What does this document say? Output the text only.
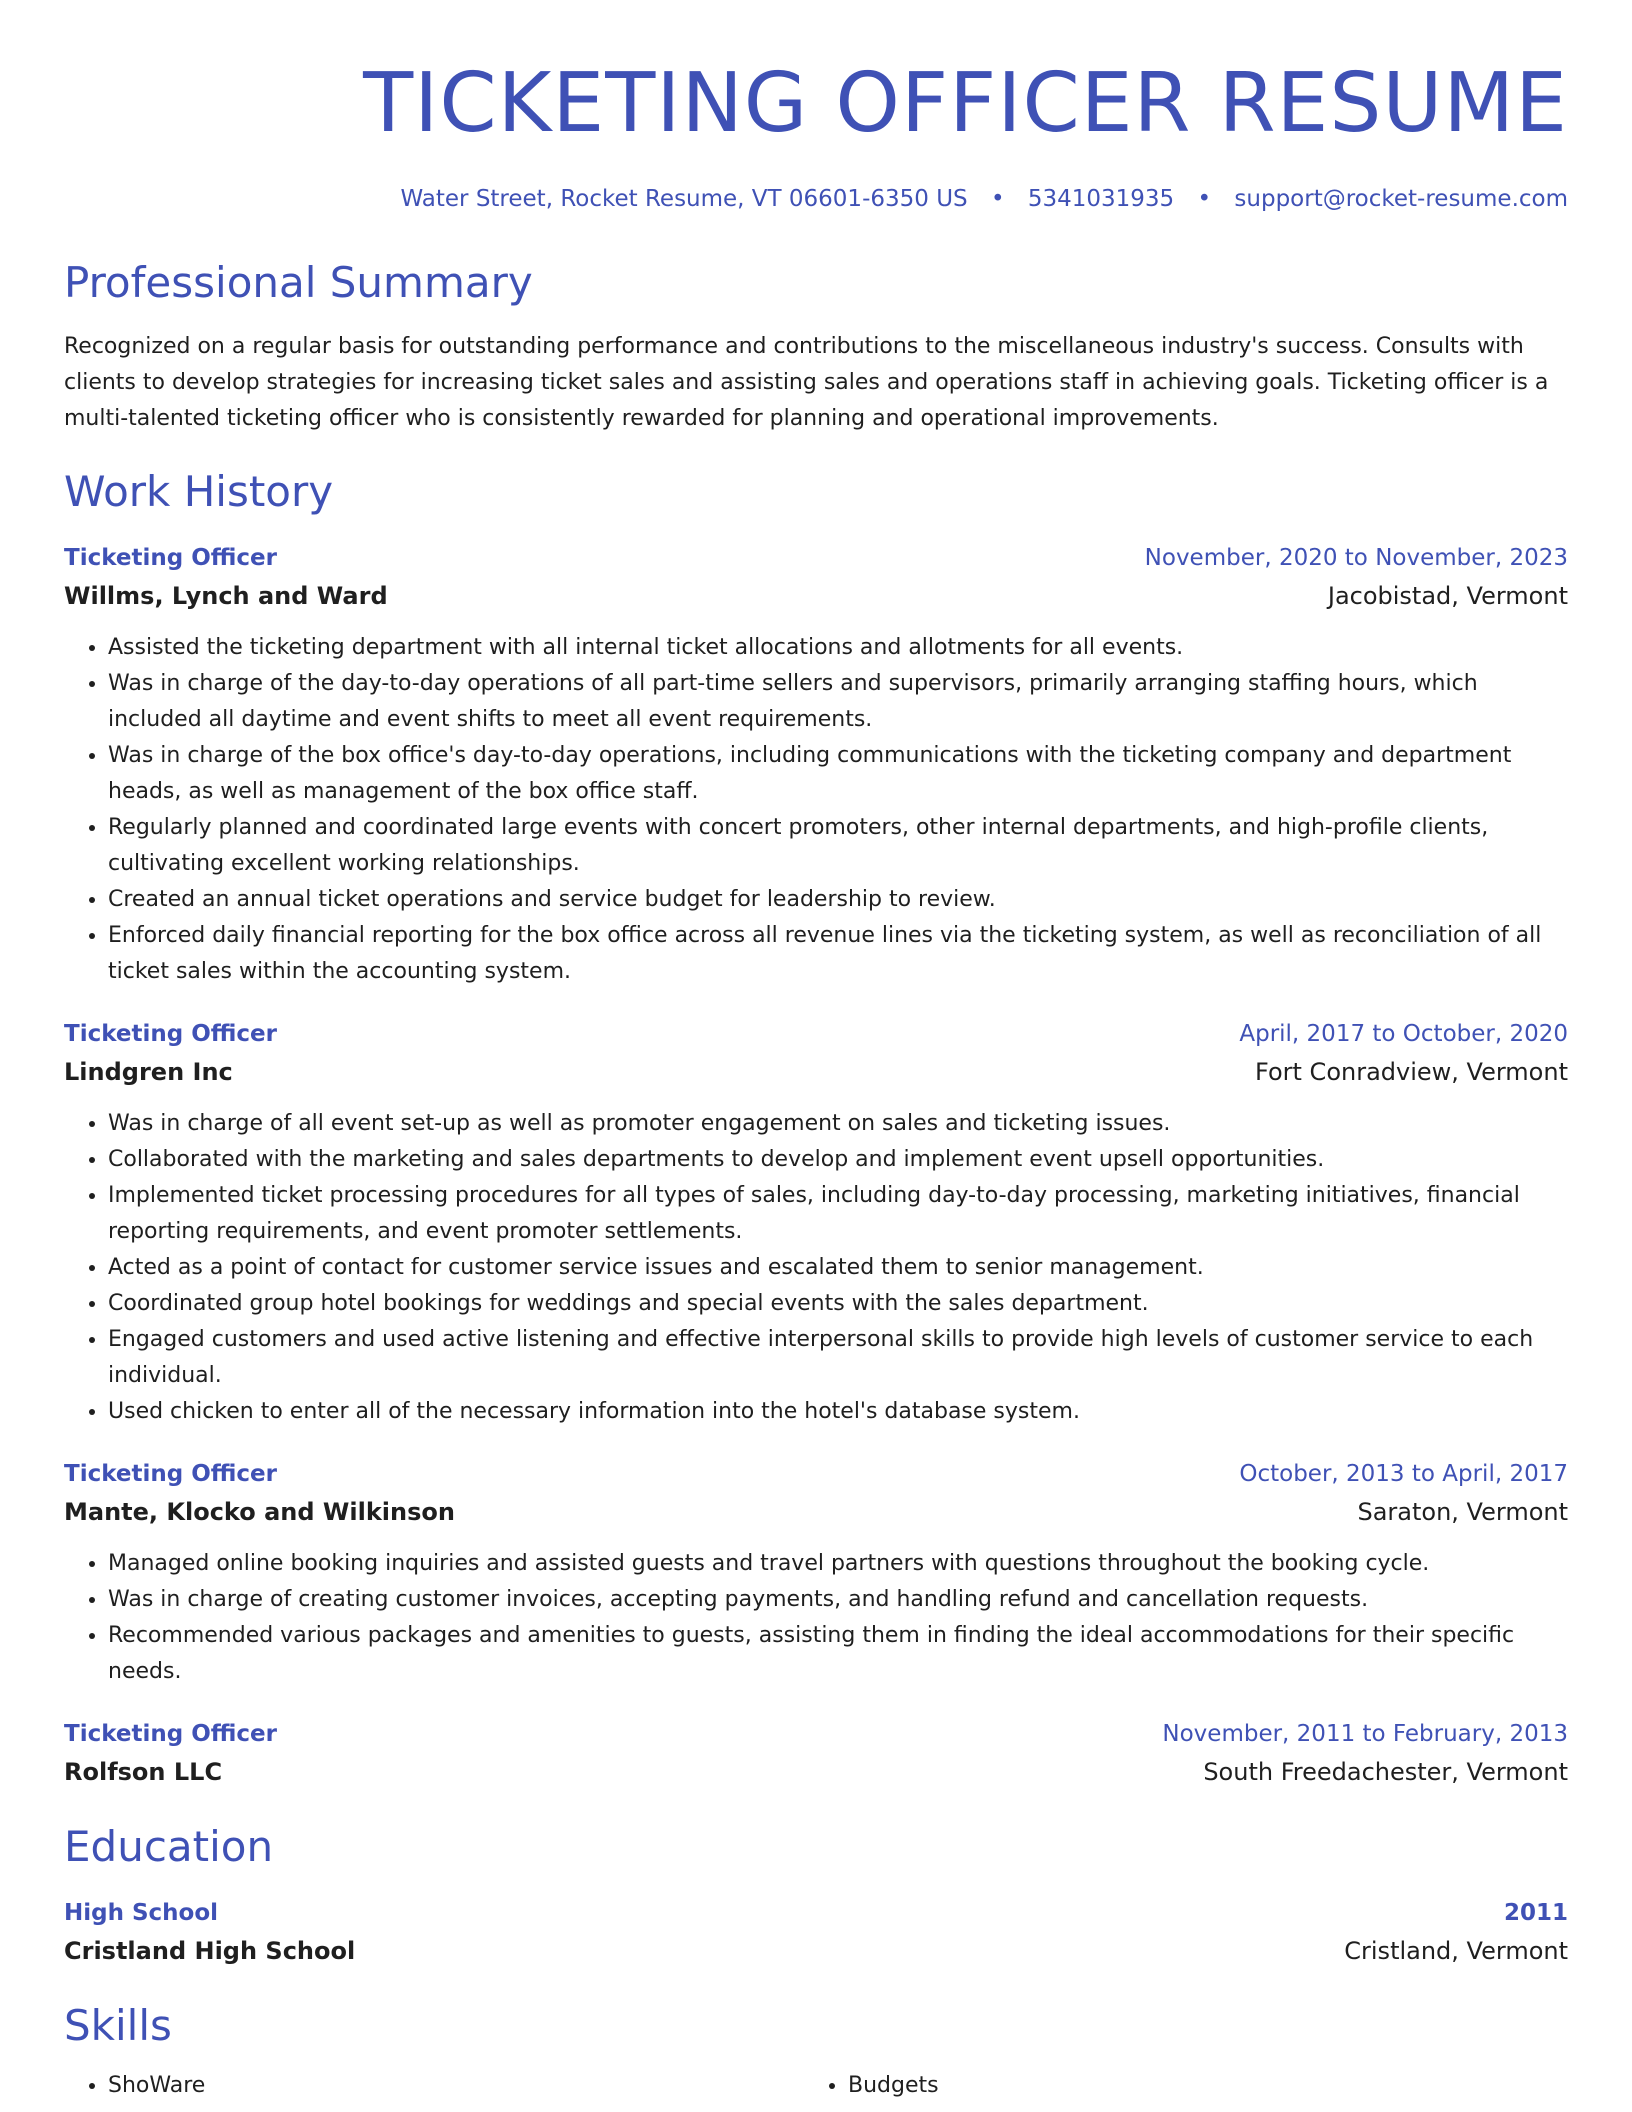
TICKETING OFFICER RESUME
Water Street, Rocket Resume, VT 06601-6350 US • 5341031935 • support@rocket-resume.com
Professional Summary
Recognized on a regular basis for outstanding performance and contributions to the miscellaneous industry's success. Consults with clients to develop strategies for increasing ticket sales and assisting sales and operations staff in achieving goals. Ticketing officer is a multi-talented ticketing officer who is consistently rewarded for planning and operational improvements.
Work History
Ticketing Officer	November, 2020 to November, 2023
Willms, Lynch and Ward	Jacobistad, Vermont
• Assisted the ticketing department with all internal ticket allocations and allotments for all events.
• Was in charge of the day-to-day operations of all part-time sellers and supervisors, primarily arranging staffing hours, which included all daytime and event shifts to meet all event requirements.
• Was in charge of the box office's day-to-day operations, including communications with the ticketing company and department heads, as well as management of the box office staff.
• Regularly planned and coordinated large events with concert promoters, other internal departments, and high-profile clients, cultivating excellent working relationships.
• Created an annual ticket operations and service budget for leadership to review.
• Enforced daily financial reporting for the box office across all revenue lines via the ticketing system, as well as reconciliation of all ticket sales within the accounting system.
Ticketing Officer	April, 2017 to October, 2020
Lindgren Inc	Fort Conradview, Vermont
• Was in charge of all event set-up as well as promoter engagement on sales and ticketing issues.
• Collaborated with the marketing and sales departments to develop and implement event upsell opportunities.
• Implemented ticket processing procedures for all types of sales, including day-to-day processing, marketing initiatives, financial reporting requirements, and event promoter settlements.
• Acted as a point of contact for customer service issues and escalated them to senior management.
• Coordinated group hotel bookings for weddings and special events with the sales department.
• Engaged customers and used active listening and effective interpersonal skills to provide high levels of customer service to each individual.
• Used chicken to enter all of the necessary information into the hotel's database system.
Ticketing Officer	October, 2013 to April, 2017
Mante, Klocko and Wilkinson	Saraton, Vermont
• Managed online booking inquiries and assisted guests and travel partners with questions throughout the booking cycle.
• Was in charge of creating customer invoices, accepting payments, and handling refund and cancellation requests.
• Recommended various packages and amenities to guests, assisting them in finding the ideal accommodations for their specific needs.
Ticketing Officer	November, 2011 to February, 2013
Rolfson LLC	South Freedachester, Vermont
Education
High School	2011
Cristland High School	Cristland, Vermont
Skills
• ShoWare
•	Budgets
